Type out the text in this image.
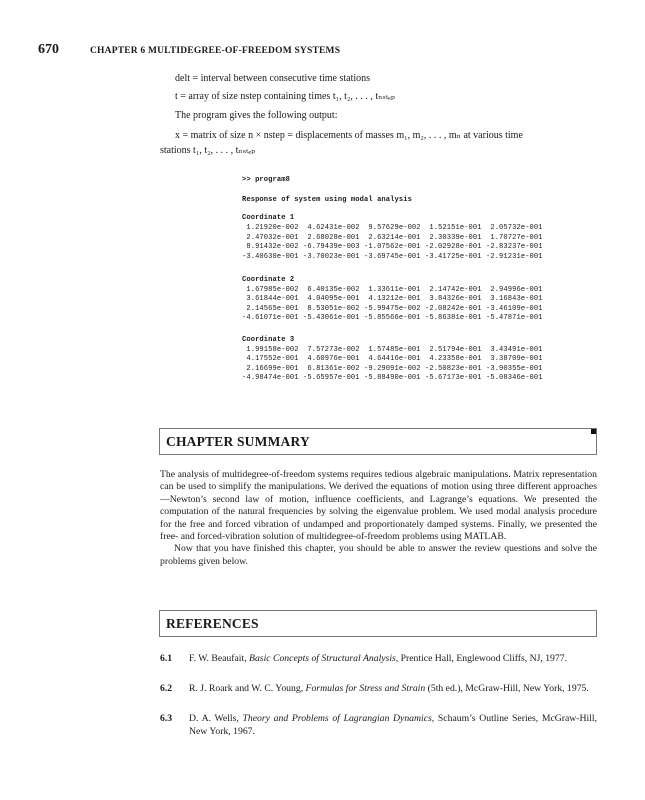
670	CHAPTER 6 MULTIDEGREE-OF-FREEDOM SYSTEMS
delt = interval between consecutive time stations
t = array of size nstep containing times t₁, t₂, . . . , tₙₛₜₑₚ
The program gives the following output:
x = matrix of size n × nstep = displacements of masses m₁, m₂, . . . , mₙ at various time
stations t₁, t₂, . . . , tₙₛₜₑₚ
>> program8
Response of system using modal analysis
Coordinate 1
1.21920e-002  4.62431e-002  9.57629e-002  1.52151e-001  2.05732e-001
2.47032e-001  2.68028e-001  2.63214e-001  2.30339e-001  1.70727e-001
8.91432e-002 -6.79439e-003 -1.07562e-001 -2.02928e-001 -2.83237e-001
-3.40630e-001 -3.70023e-001 -3.69745e-001 -3.41725e-001 -2.91231e-001
Coordinate 2
1.67985e-002  6.40135e-002  1.33611e-001  2.14742e-001  2.94996e-001
3.61844e-001  4.04095e-001  4.13212e-001  3.84326e-001  3.16843e-001
2.14565e-001  8.53051e-002 -5.99475e-002 -2.08242e-001 -3.46109e-001
-4.61071e-001 -5.43061e-001 -5.85566e-001 -5.86381e-001 -5.47871e-001
Coordinate 3
1.99158e-002  7.57273e-002  1.57485e-001  2.51794e-001  3.43491e-001
4.17552e-001  4.60976e-001  4.64416e-001  4.23358e-001  3.38709e-001
2.16699e-001  6.81361e-002 -9.29091e-002 -2.50823e-001 -3.90355e-001
-4.98474e-001 -5.65957e-001 -5.88490e-001 -5.67173e-001 -5.08346e-001
CHAPTER SUMMARY

The analysis of multidegree-of-freedom systems requires tedious algebraic manipulations. Matrix representation can be used to simplify the manipulations. We derived the equations of motion using three different approaches—Newton’s second law of motion, influence coefficients, and Lagrange’s equations. We presented the computation of the natural frequencies by solving the eigenvalue problem. We used modal analysis procedure for the free and forced vibration of undamped and proportionately damped systems. Finally, we presented the free- and forced-vibration solution of multidegree-of-freedom problems using MATLAB.

Now that you have finished this chapter, you should be able to answer the review questions and solve the problems given below.

REFERENCES
6.1 F. W. Beaufait, Basic Concepts of Structural Analysis, Prentice Hall, Englewood Cliffs, NJ, 1977.
6.2 R. J. Roark and W. C. Young, Formulas for Stress and Strain (5th ed.), McGraw-Hill, New York, 1975.
6.3 D. A. Wells, Theory and Problems of Lagrangian Dynamics, Schaum’s Outline Series, McGraw-Hill, New York, 1967.
